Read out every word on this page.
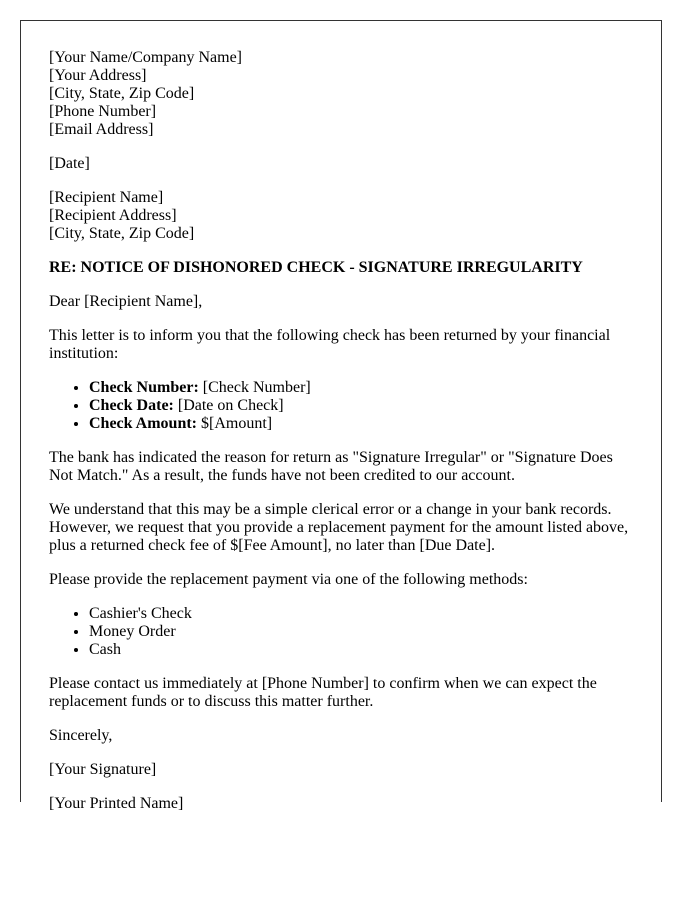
[Your Name/Company Name]
[Your Address]
[City, State, Zip Code]
[Phone Number]
[Email Address]

[Date]

[Recipient Name]
[Recipient Address]
[City, State, Zip Code]

RE: NOTICE OF DISHONORED CHECK - SIGNATURE IRREGULARITY

Dear [Recipient Name],

This letter is to inform you that the following check has been returned by your financial institution:

• Check Number: [Check Number]
• Check Date: [Date on Check]
• Check Amount: $[Amount]

The bank has indicated the reason for return as "Signature Irregular" or "Signature Does Not Match." As a result, the funds have not been credited to our account.

We understand that this may be a simple clerical error or a change in your bank records. However, we request that you provide a replacement payment for the amount listed above, plus a returned check fee of $[Fee Amount], no later than [Due Date].

Please provide the replacement payment via one of the following methods:

• Cashier's Check
• Money Order
• Cash

Please contact us immediately at [Phone Number] to confirm when we can expect the replacement funds or to discuss this matter further.

Sincerely,

[Your Signature]

[Your Printed Name]
